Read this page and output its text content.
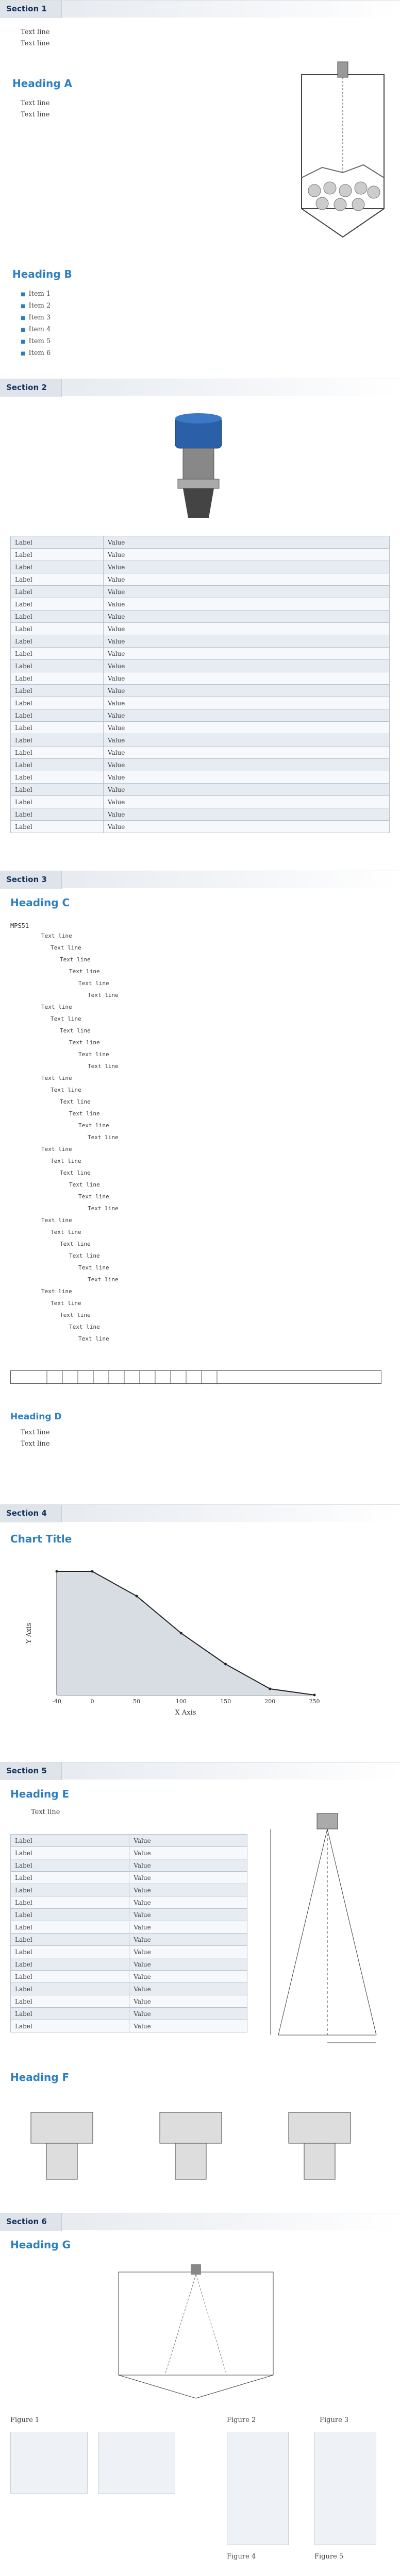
Section 1
Text line
Text line
Heading A
Text line
Text line

Heading B
■ Item 1
■ Item 2
■ Item 3
■ Item 4
■ Item 5
■ Item 6
Section 2
Label	Value
Label	Value
Label	Value
Label	Value
Label	Value
Label	Value
Label	Value
Label	Value
Label	Value
Label	Value
Label	Value
Label	Value
Label	Value
Label	Value
Label	Value
Label	Value
Label	Value
Label	Value
Label	Value
Label	Value
Label	Value
Label	Value
Label	Value
Label	Value
Section 3
Heading C
MPS51
Text line
Text line
Text line
Text line
Text line
Text line
Text line
Text line
Text line
Text line
Text line
Text line
Text line
Text line
Text line
Text line
Text line
Text line
Text line
Text line
Text line
Text line
Text line
Text line
Text line
Text line
Text line
Text line
Text line
Text line
Text line
Text line
Text line
Text line
Text line
Heading D
Text line
Text line
Section 4
Chart Title
-40	0	50	100	150	200	250
X Axis
Y Axis
Section 5
Heading E
Text line
Label	Value
Label	Value
Label	Value
Label	Value
Label	Value
Label	Value
Label	Value
Label	Value
Label	Value
Label	Value
Label	Value
Label	Value
Label	Value
Label	Value
Label	Value
Label	Value
Heading F
Section 6
Heading G
Figure 1	Figure 2	Figure 3
Figure 4	Figure 5
